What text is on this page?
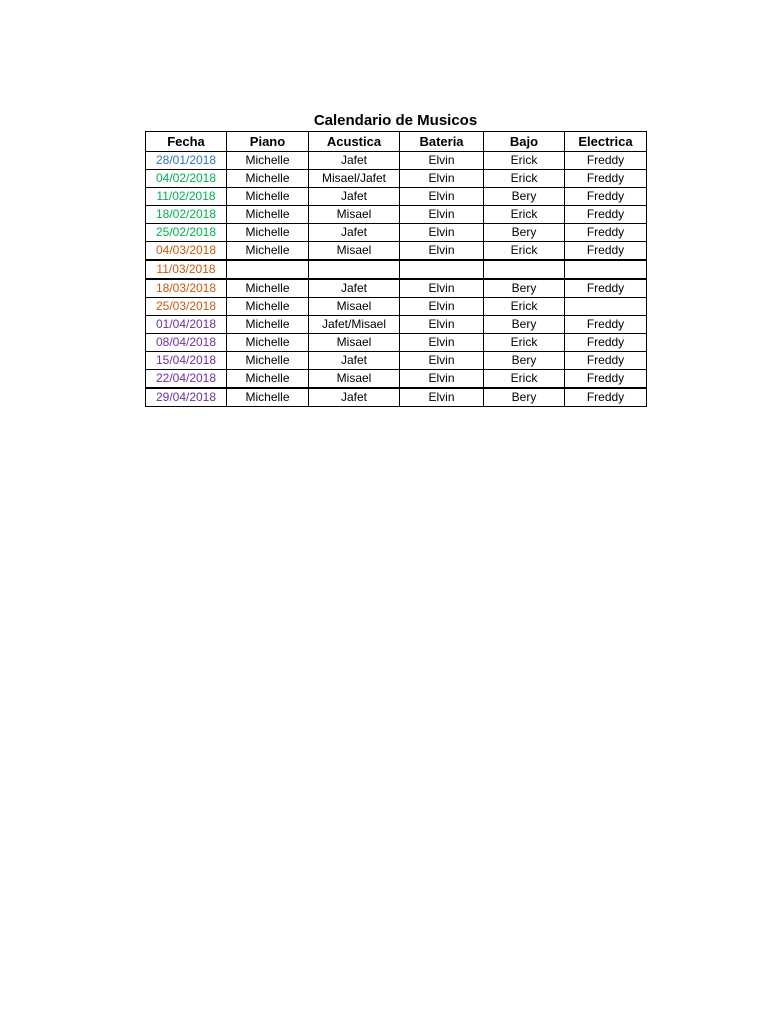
Calendario de Musicos
Fecha	Piano	Acustica	Bateria	Bajo	Electrica
28/01/2018	Michelle	Jafet	Elvin	Erick	Freddy
04/02/2018	Michelle	Misael/Jafet	Elvin	Erick	Freddy
11/02/2018	Michelle	Jafet	Elvin	Bery	Freddy
18/02/2018	Michelle	Misael	Elvin	Erick	Freddy
25/02/2018	Michelle	Jafet	Elvin	Bery	Freddy
04/03/2018	Michelle	Misael	Elvin	Erick	Freddy
11/03/2018					
18/03/2018	Michelle	Jafet	Elvin	Bery	Freddy
25/03/2018	Michelle	Misael	Elvin	Erick	
01/04/2018	Michelle	Jafet/Misael	Elvin	Bery	Freddy
08/04/2018	Michelle	Misael	Elvin	Erick	Freddy
15/04/2018	Michelle	Jafet	Elvin	Bery	Freddy
22/04/2018	Michelle	Misael	Elvin	Erick	Freddy
29/04/2018	Michelle	Jafet	Elvin	Bery	Freddy
